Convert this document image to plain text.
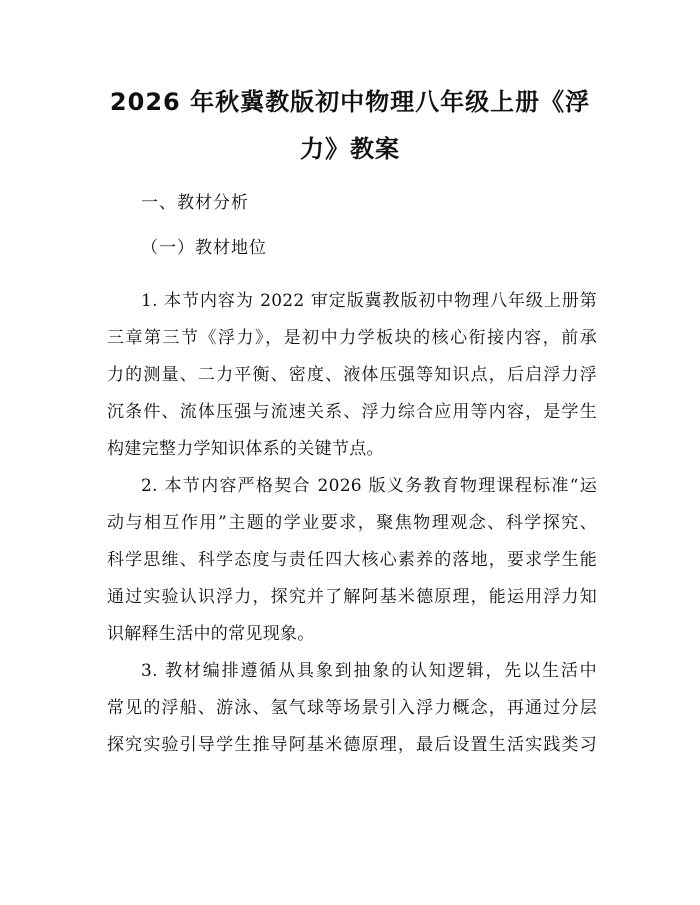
2026 年秋冀教版初中物理八年级上册《浮
力》教案

一、教材分析

（一）教材地位

1. 本节内容为 2022 审定版冀教版初中物理八年级上册第
三章第三节《浮力》，是初中力学板块的核心衔接内容，前承
力的测量、二力平衡、密度、液体压强等知识点，后启浮力浮
沉条件、流体压强与流速关系、浮力综合应用等内容，是学生
构建完整力学知识体系的关键节点。
2. 本节内容严格契合 2026 版义务教育物理课程标准“运
动与相互作用”主题的学业要求，聚焦物理观念、科学探究、
科学思维、科学态度与责任四大核心素养的落地，要求学生能
通过实验认识浮力，探究并了解阿基米德原理，能运用浮力知
识解释生活中的常见现象。
3. 教材编排遵循从具象到抽象的认知逻辑，先以生活中
常见的浮船、游泳、氢气球等场景引入浮力概念，再通过分层
探究实验引导学生推导阿基米德原理，最后设置生活实践类习
